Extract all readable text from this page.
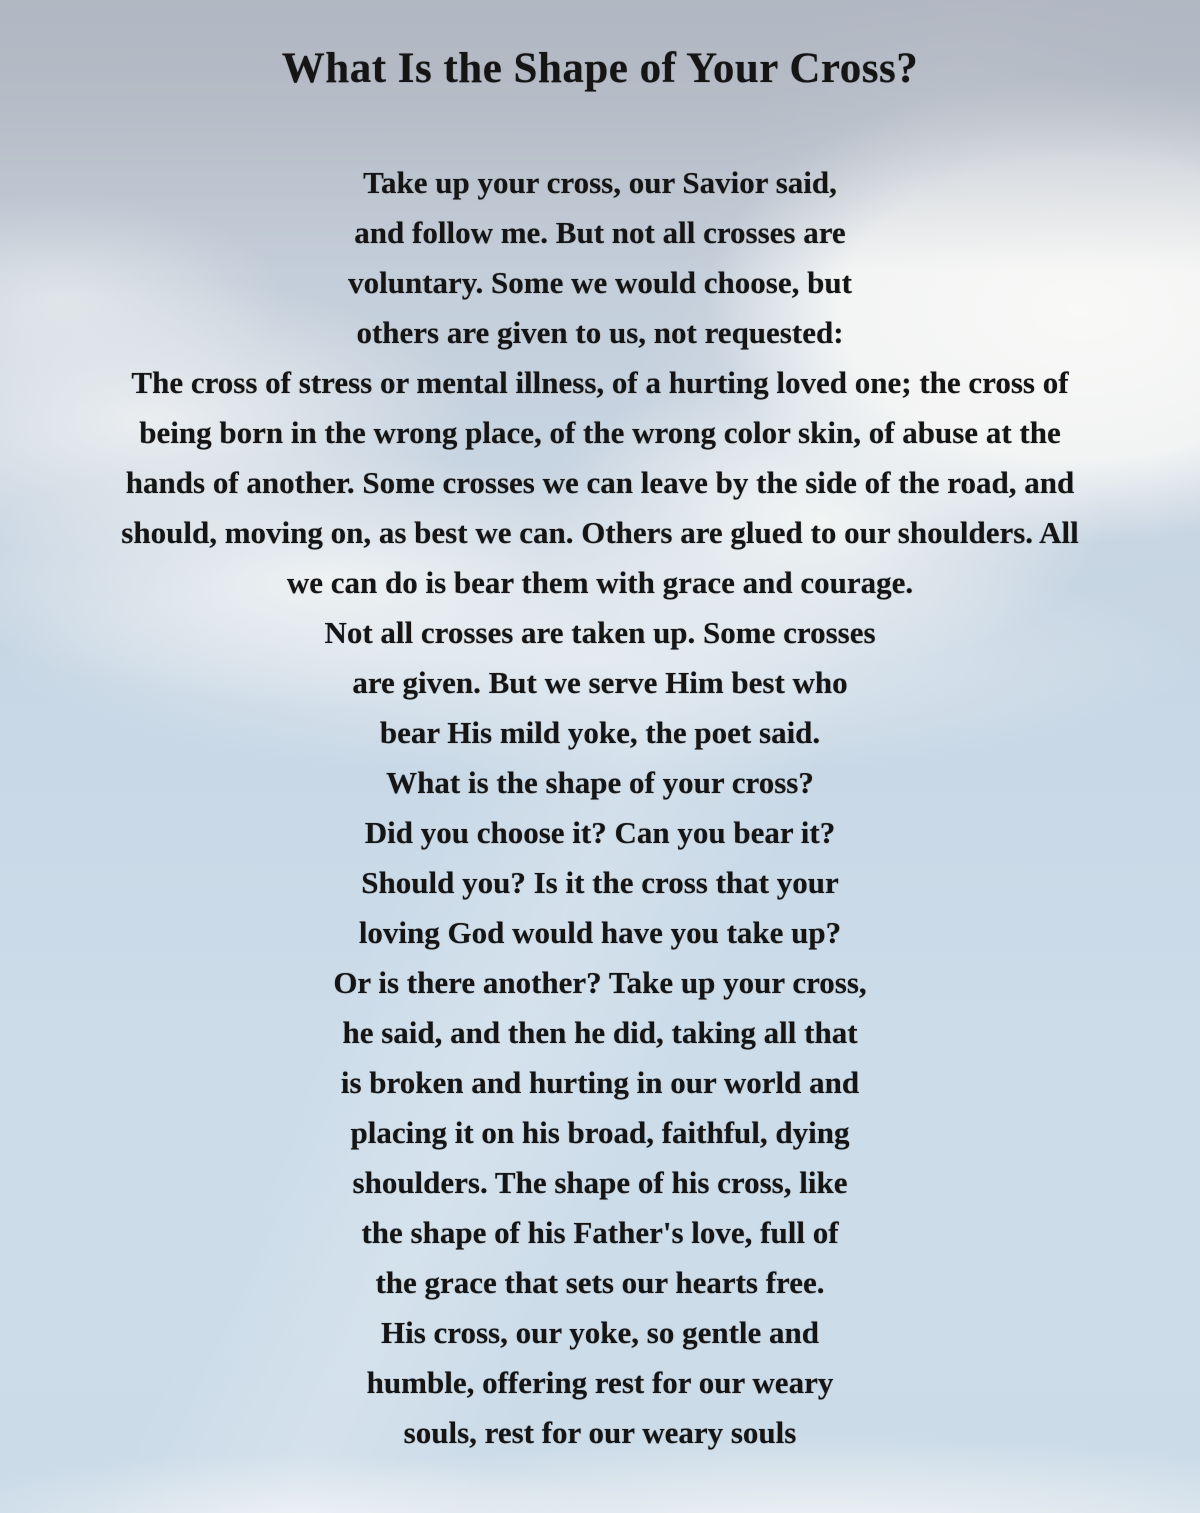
What Is the Shape of Your Cross?
Take up your cross, our Savior said,
and follow me. But not all crosses are
voluntary. Some we would choose, but
others are given to us, not requested:
The cross of stress or mental illness, of a hurting loved one; the cross of
being born in the wrong place, of the wrong color skin, of abuse at the
hands of another. Some crosses we can leave by the side of the road, and
should, moving on, as best we can. Others are glued to our shoulders. All
we can do is bear them with grace and courage.
Not all crosses are taken up. Some crosses
are given. But we serve Him best who
bear His mild yoke, the poet said.
What is the shape of your cross?
Did you choose it? Can you bear it?
Should you? Is it the cross that your
loving God would have you take up?
Or is there another? Take up your cross,
he said, and then he did, taking all that
is broken and hurting in our world and
placing it on his broad, faithful, dying
shoulders. The shape of his cross, like
the shape of his Father's love, full of
the grace that sets our hearts free.
His cross, our yoke, so gentle and
humble, offering rest for our weary
souls, rest for our weary souls
